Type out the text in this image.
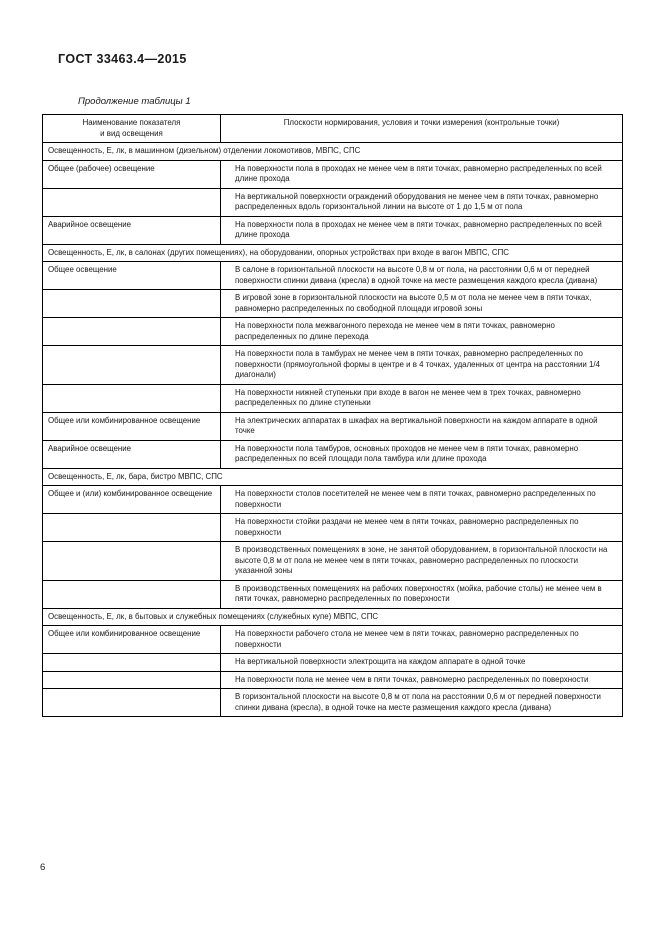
ГОСТ 33463.4—2015
Продолжение таблицы 1
Наименование показателя
и вид освещения	Плоскости нормирования, условия и точки измерения (контрольные точки)
Освещенность, Е, лк, в машинном (дизельном) отделении локомотивов, МВПС, СПС	
Общее (рабочее) освещение	На поверхности пола в проходах не менее чем в пяти точках, равномерно распределенных по всей длине прохода
	На вертикальной поверхности ограждений оборудования не менее чем в пяти точках, равномерно распределенных вдоль горизонтальной линии на высоте от 1 до 1,5 м от пола
Аварийное освещение	На поверхности пола в проходах не менее чем в пяти точках, равномерно распределенных по всей длине прохода
Освещенность, Е, лк, в салонах (других помещениях), на оборудовании, опорных устройствах при входе в вагон МВПС, СПС	
Общее освещение	В салоне в горизонтальной плоскости на высоте 0,8 м от пола, на расстоянии 0,6 м от передней поверхности спинки дивана (кресла) в одной точке на месте размещения каждого кресла (дивана)
	В игровой зоне в горизонтальной плоскости на высоте 0,5 м от пола не менее чем в пяти точках, равномерно распределенных по свободной площади игровой зоны
	На поверхности пола межвагонного перехода не менее чем в пяти точках, равномерно распределенных по длине перехода
	На поверхности пола в тамбурах не менее чем в пяти точках, равномерно распределенных по поверхности (прямоугольной формы в центре и в 4 точках, удаленных от центра на расстоянии 1/4 диагонали)
	На поверхности нижней ступеньки при входе в вагон не менее чем в трех точках, равномерно распределенных по длине ступеньки
Общее или комбинированное освещение	На электрических аппаратах в шкафах на вертикальной поверхности на каждом аппарате в одной точке
Аварийное освещение	На поверхности пола тамбуров, основных проходов не менее чем в пяти точках, равномерно распределенных по всей площади пола тамбура или длине прохода
Освещенность, Е, лк, бара, бистро МВПС, СПС	
Общее и (или) комбинированное освещение	На поверхности столов посетителей не менее чем в пяти точках, равномерно распределенных по поверхности
	На поверхности стойки раздачи не менее чем в пяти точках, равномерно распределенных по поверхности
	В производственных помещениях в зоне, не занятой оборудованием, в горизонтальной плоскости на высоте 0,8 м от пола не менее чем в пяти точках, равномерно распределенных по плоскости указанной зоны
	В производственных помещениях на рабочих поверхностях (мойка, рабочие столы) не менее чем в пяти точках, равномерно распределенных по поверхности
Освещенность, Е, лк, в бытовых и служебных помещениях (служебных купе) МВПС, СПС	
Общее или комбинированное освещение	На поверхности рабочего стола не менее чем в пяти точках, равномерно распределенных по поверхности
	На вертикальной поверхности электрощита на каждом аппарате в одной точке
	На поверхности пола не менее чем в пяти точках, равномерно распределенных по поверхности
	В горизонтальной плоскости на высоте 0,8 м от пола на расстоянии 0,6 м от передней поверхности спинки дивана (кресла), в одной точке на месте размещения каждого кресла (дивана)
6
